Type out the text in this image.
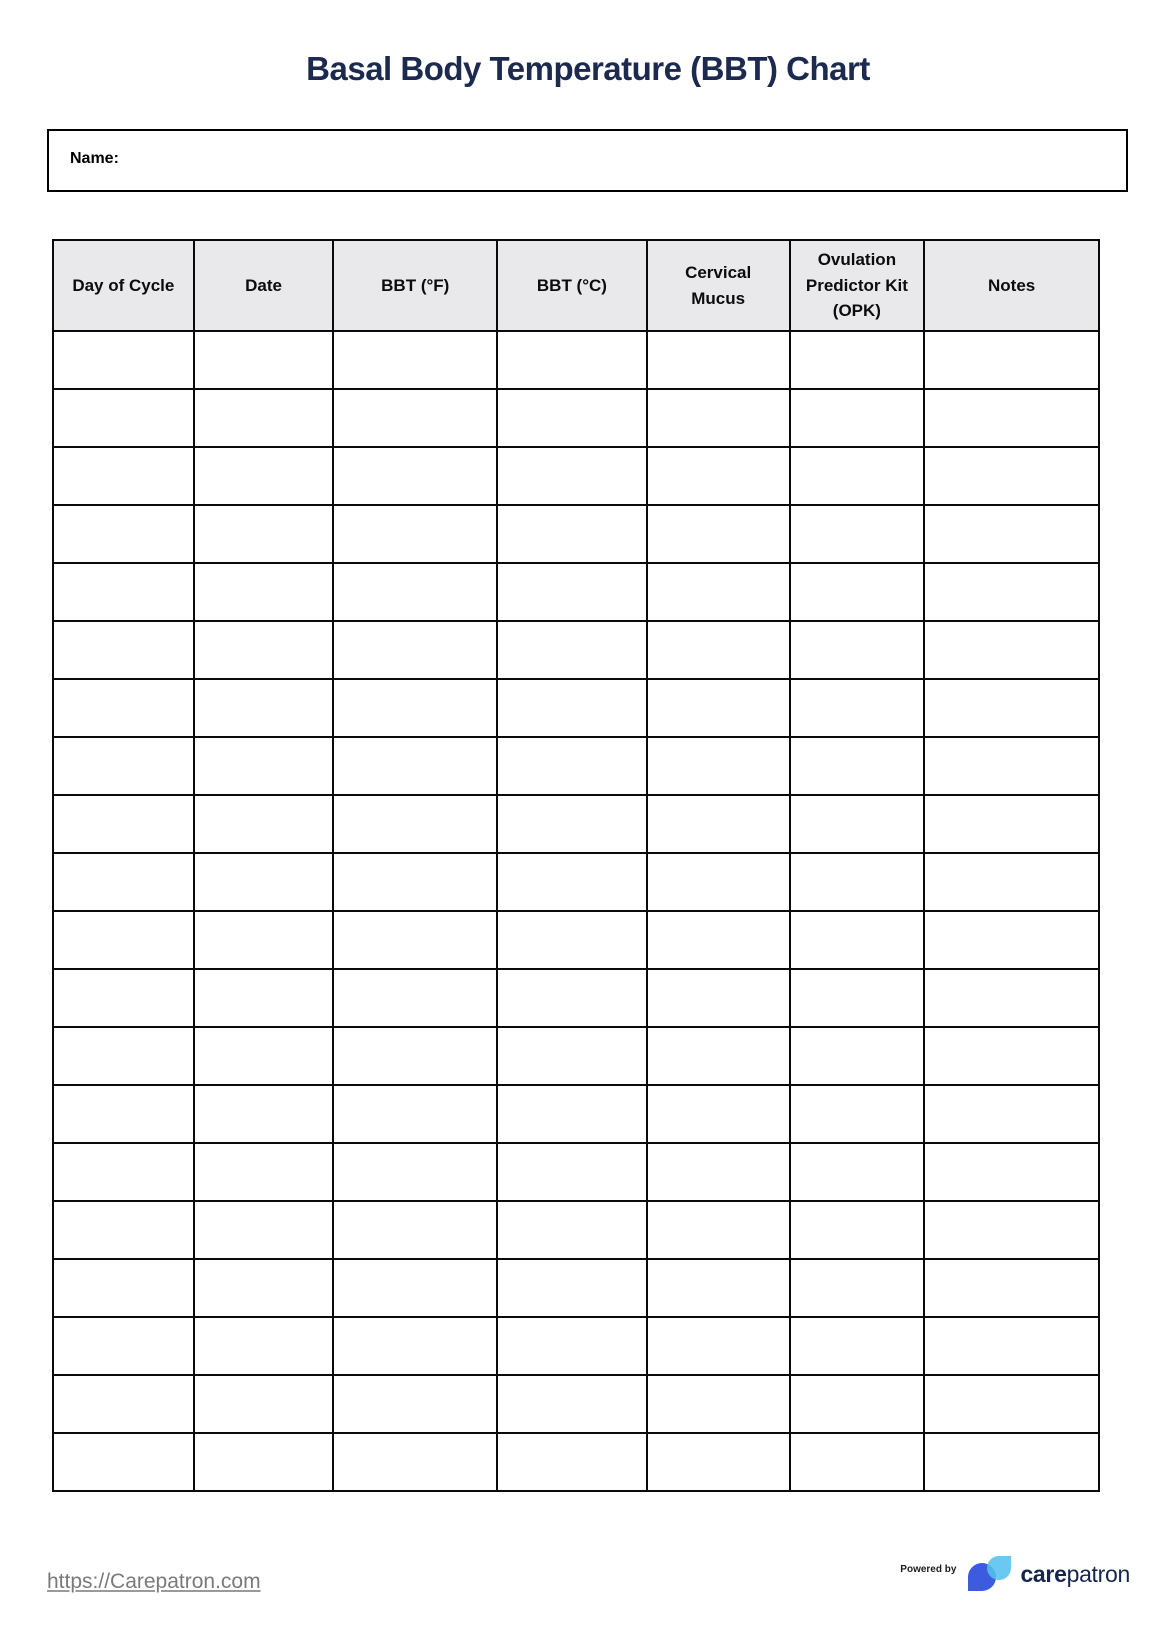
Basal Body Temperature (BBT) Chart
Name:
Day of Cycle	Date	BBT (°F)	BBT (°C)	Cervical Mucus	Ovulation Predictor Kit (OPK)	Notes

https://Carepatron.com
Powered by	carepatron
